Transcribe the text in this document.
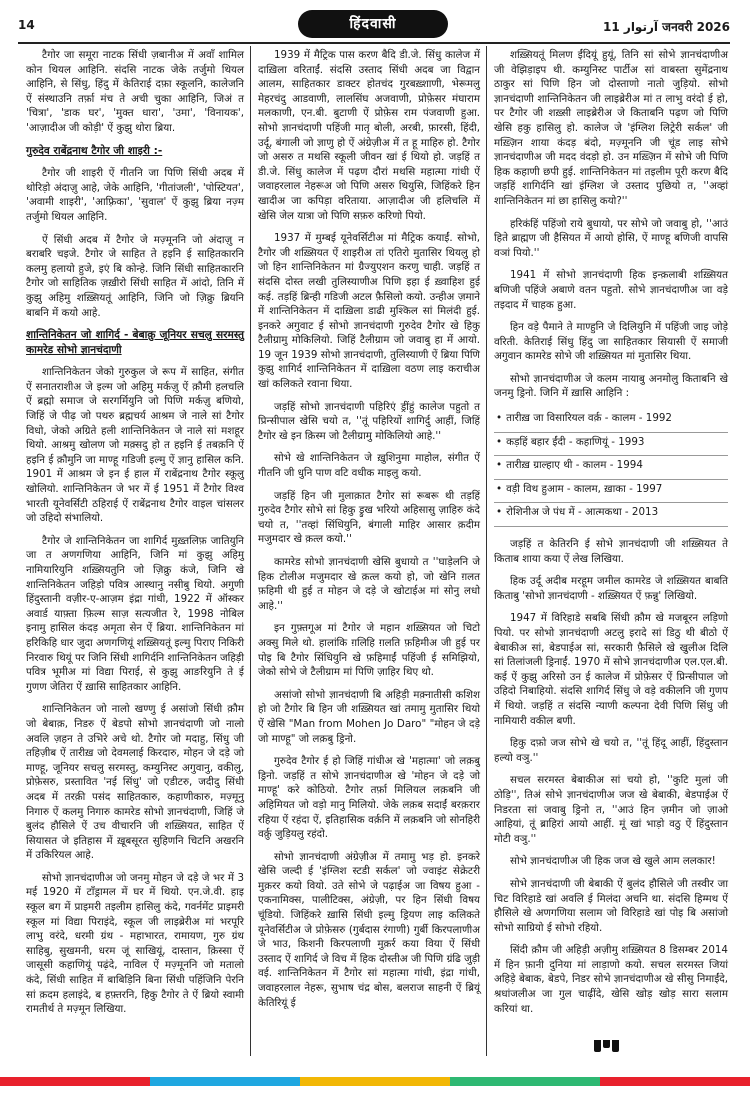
14	हिंदवासी	آرتوار 11 जनवरी 2026

टैगोर जा समूरा नाटक सिंधी ज़बानीअ में अवाँ शामिल कोन थियल आहिनि. संदसि नाटक जेके तर्जुमो थियल आहिनि, से सिंधु, हिंदु में केतिराई दफ़ा स्कूलनि, कालेजनि ऐं संस्थाउनि तर्फ़ा मंच ते अची चुका आहिनि, जिअं त 'चित्रा', 'डाक घर', 'मुक्त धारा', 'उमा', 'विनायक', 'आज़ादीअ जी कोड़ी' ऐं कुझु थोरा ब्रिया.

गुरुदेव राबेंद्रनाथ टैगोर जी शाइरी :-

टैगोर जी शाइरी ऐं गीतनि जा पिणि सिंधी अदब में थोरिड़ो अंदाज़ु आहे, जेके आहिनि, 'गीतांजली', 'पोस्टियत', 'अवामी शाइरी', 'आफ़्रिका', 'सुवाल' ऐं कुझु ब्रिया नज़्म तर्जुमो थियल आहिनि.

ऐं सिंधी अदब में टैगोर जे मज़्मूननि जो अंदाज़ु न बराबरि चइजे. टैगोर जे साहित ते हइनि ई साहितकारनि कलमु हलायो हुजे, इएं बि कोन्हे. जिनि सिंधी साहितकारनि टैगोर जो साहितिक ज़ख़ीरो सिंधी साहित में आंदो, तिनि में कुझु अहिमु शख़्सियतूं आहिनि, जिनि जो ज़िक्रु ब्रियनि बाबनि में कयो आहे.

शान्तिनिकेतन जो शागिर्द - बेबाक़ु जूनियर सचलु सरमस्तु कामरेड सोभो ज्ञानचंदाणी

शान्तिनिकेतन जेको गुरुकुल जे रूप में साहित, संगीत ऐं सनातराशीअ जे इल्म जो अहिमु मर्कज़ु ऐं क़ौमी हलचलि ऐं ब्रह्मो समाज जे सरगर्मियुनि जो पिणि मर्कज़ु बणियो, जिहिं जे पीढ़ जो पथरु ब्रह्मचर्य आश्रम जे नाले सां टैगोर विधो, जेको अग्रिते हली शान्तिनिकेतन जे नाले सां मशहूर थियो. आश्रमु खोलण जो मक़्सदु हो त हइनि ई तबक़नि ऐं हइनि ई क़ौमुनि जा माण्हू गडिजी इल्मु ऐं ज्ञानु हासिल कनि. 1901 में आश्रम जे इन ई हाल में राबेंद्रनाथ टैगोर स्कूलु खोलियो. शान्तिनिकेतन जे भर में ई 1951 में टैगोर विश्व भारती यूनेवर्सिटी ठहिराई ऐं राबेंद्रनाथ टैगोर वाइल चांसलर जो उहिदो संभालियो.

टैगोर जे शान्तिनिकेतन जा शागिर्द मुख़्तलिफ़ जातियुनि जा त अणगणिया आहिनि, जिनि मां कुझु अहिमु नामियारियुनि शख़्सियतुनि जो ज़िक्रु कंजे, जिनि खे शान्तिनिकेतन जहिड़ो पवित्र आस्थानु नसीबु थियो. अगुणी हिंदुस्तानी वज़ीर-ए-आज़म इंद्रा गांधी, 1922 में ऑस्कर अवार्ड याफ़्ता फ़िल्म साज़ सत्यजीत रे, 1998 नोबिल इनामु हासिल कंदड़ अमृता सेन ऐं ब्रिया. शान्तिनिकेतन मां हरिकिहि धार जुदा अणगणियूं शख़्सियतूं इल्मु पिराए निकिरी निरवारु थियूं पर जिनि सिंधी शागिर्दनि शान्तिनिकेतन जहिड़ी पवित्र भूमीअ मां विद्या पिराई, से कुझु आङरियुनि ते ई गुणण जेतिरा ऐं ख़ासि साहितकार आहिनि.

शान्तिनिकेतन जो नालो खण्णु ई असांजो सिंधी क़ौम जो बेबाक़, निडरु ऐं बेडपो सोभो ज्ञानचंदाणी जो नालो अवलि ज़हन ते उभिरे अचे थो. टैगोर जो मदाहु, सिंधु जी तहिज़ीब ऐं तारीख़ जो देवमलाई किरदारु, मोहन जे दड़े जो माण्हू, जूनियर सचलु सरमस्तु, कम्युनिस्ट अगुवानु, वकीलु, प्रोफ़ेसरु, प्रस्तावित 'नई सिंधु' जो एडीटरु, जदीदु सिंधी अदब में तरक़ी पसंद साहितकारु, कहाणीकारु, मज़्मूनु निगारु ऐं कलमु निगारु कामरेड सोभो ज्ञानचंदाणी, जिहिं जे बुलंद हौसिले ऐं उच वीचारनि जी शख़्सियत, साहित ऐं सियासत जे इतिहास में ख़ूबसूरत सुहिणनि चिटनि अखरनि में उकिरियल आहे.

सोभो ज्ञानचंदाणीअ जो जनमु मोहन जे दड़े जे भर में 3 मई 1920 में टॉंड्रामल में घर में थियो. एन.जे.वी. हाइ स्कूल बग में प्राइमरी तइलीम हासिलु कंदे, गवर्नमेंट प्राइमरी स्कूल मां विद्या पिराइंदे, स्कूल जी लाइब्रेरीअ मां भरपूरि लाभु वरंदे, धरमी ग्रंथ - महाभारत, रामायण, गुरु ग्रंथ साहिबु, सुखमनी, धरम जूं साखियूं, दास्तान, क़िस्सा ऐं जासूसी कहाणियूं पढ़ंदे, नाविल ऐं मज़्मूननि जो मतालो कंदे, सिंधी साहित में बाबिड़िनि बिना सिंधी पहिंजिनि पेरनि सां क़दम हलाइंदे, ब हफ़्तरनि, हिकु टैगोर ते ऐं ब्रियो स्वामी रामतीर्थ ते मज़्मून लिखिया.

1939 में मैट्रिक पास करण बैदि डी.जे. सिंधु कालेज में दाख़िला वरिताईं. संदसि उस्ताद सिंधी अदब जा विद्वान आलम, साहितकार डाक्टर होतचंद गुरबख़्शाणी, भेरूमलु मेहरचंदु आडवाणी, लालसिंघ अजवाणी, प्रोफ़ेसर मंघाराम मलकाणी, एन.बी. बुटाणी ऐं प्रोफ़ेस राम पंजवाणी हुआ. सोभो ज्ञानचंदाणी पहिंजी मातृ बोली, अरबी, फ़ारसी, हिंदी, उर्दू, बंगाली जो ज्ञाणु हो ऐं अंग्रेज़ीअ में त हू माहिरु हो. टैगोर जो असरु त मथसि स्कूली जीवन खां ई थियो हो. जड़हिं त डी.जे. सिंधु कालेज में पढ़ण दौरां मथसि महात्मा गांधी ऐं जवाहरलाल नेहरूअ जो पिणि असरु थियुसि, जिहिंकरे हिन खादीअ जा कपिड़ा वरिताया. आज़ादीअ जी हलिचलि में खेसि जेल यात्रा जो पिणि सफ़रु करिणो पियो.

1937 में मुम्बई यूनेवर्सिटीअ मां मैट्रिक कयाईं. सोभो, टैगोर जी शख़्सियत ऐं शाइरीअ तां एतिरो मुतासिर थियलु हो जो हिन शान्तिनिकेतन मां ग्रैज्युएशन करणु चाही. जड़हिं त संदसि दोस्त लखी तुलिस्याणीअ पिणि इहा ई ख़्वाहिश हुई कई. तड़हिं ब्रिन्ही गडिजी अटल फ़ैसिलो कयो. उन्हीअ ज़माने में शान्तिनिकेतन में दाख़िला डाढी मुश्किल सां मिलंदी हुई. इनकरे अगुवाट ई सोभो ज्ञानचंदाणी गुरुदेव टैगोर खे हिकु टैलीग्रामु मोकिलियो. जिहिं टैलीग्राम जो जवाबु हा में आयो. 19 जून 1939 सोभो ज्ञानचंदाणी, तुलिस्याणी ऐं ब्रिया पिणि कुझु शागिर्द शान्तिनिकेतन में दाख़िला वठण लाइ कराचीअ खां कलिकते रवाना थिया.

जड़हिं सोभो ज्ञानचंदाणी पहिरिएं ड्रींहुं कालेज पहुतो त प्रिन्सीपाल खेसि चयो त, ''तूं पहिरियों शागिर्दु आहीं, जिहिं टैगोर खे इन क़िस्म जो टैलीग्रामु मोकिलियो आहे.''

सोभे खे शान्तिनिकेतन जे ख़ुशिनुमा माहोल, संगीत ऐं गीतनि जी धुनि पाण वटि वधीक माइलु कयो.

जड़हिं हिन जी मुलाक़ात टैगोर सां रूबरू थी तड़हिं गुरुदेव टैगोर सोभे सां हिकु ड्रुख भरियो अहिसासु ज़ाहिरु कंदे चयो त, ''तव्हां सिंधियुनि, बंगाली माहिर आसार क़दीम मजुमदार खे क़त्ल कयो.''

कामरेड सोभो ज्ञानचंदाणी खेसि बुधायो त ''घाड़ेलनि जे हिक टोलीअ मजुमदार खे क़त्ल कयो हो, जो खेनि ग़लत फ़हिमी थी हुई त मोहन जे दड़े जे खोटाईअ मां सोनु लधो आहे.''

इन गुफ़्तगूअ मां टैगोर जे महान शख़्सियत जो चिटो अक्सु मिले थो. हालांकि ग़लिहि ग़लति फ़हिमीअ जी हुई पर पोइ बि टैगोर सिंधियुनि खे फ़हिमाईं पहिंजी ई समिझियो, जेको सोभे जे टैलीग्राम मां पिणि ज़ाहिर थिए थो.

असांजो सोभो ज्ञानचंदाणी बि अहिड़ी मक़्नातीसी कशिश हो जो टैगोर बि हिन जी शख़्सियत खां तमामु मुतासिर थियो ऐं खेसि "Man from Mohen Jo Daro" "मोहन जे दड़े जो माण्हू" जो लक़बु ड्रिनो.

गुरुदेव टैगोर ई हो जिहिं गांधीअ खे 'महात्मा' जो लक़बु ड्रिनो. जड़हिं त सोभे ज्ञानचंदाणीअ खे 'मोहन जे दड़े जो माण्हू' करे कोठियो. टैगोर तर्फ़ा मिलियल लक़बनि जी अहिमियत जो वड़ो मानु मिलियो. जेके लक़ब सदाईं बरक़रार रहिया ऐं रहंदा ऐं, इतिहासिक वर्क़नि में लक़बनि जो सोनहिरी वर्क़ु जुड़ियलु रहंदो.

सोभो ज्ञानचंदाणी अंग्रेज़ीअ में तमामु भड़ हो. इनकरे खेसि जल्दी ई 'इंग्लिश स्टडी सर्कल' जो ज्वाइंट सेक्रेटरी मुक़रर कयो वियो. उते सोभे जे पढ़ाईअ जा विषय हुआ - एकनामिक्स, पालीटिक्स, अंग्रेज़ी, पर हिन सिंधी विषय चूंडियो. जिहिंकरे ख़ासि सिंधी इल्मु ड्रियण लाइ कलिकते यूनेवर्सिटीअ जे प्रोफ़ेसरु (गुर्बदास रंगाणी) गुर्बी किरपलाणीअ जे भाउ, किशनी किरपलाणी मुक़र्र कया विया ऐं सिंधी उस्ताद ऐं शागिर्द जे विच में हिक दोस्तीअ जी पिणि ग्रंढि जुड़ी वई. शान्तिनिकेतन में टैगोर सां महात्मा गांधी, इंद्रा गांधी, जवाहरलाल नेहरू, सुभाष चंद्र बोस, बलराज साहनी ऐं ब्रियूं केतिरियूं ई

शख़्सियतूं मिलण ईंदियूं हुयूं, तिनि सां सोभे ज्ञानचंदाणीअ जी वेझिड़ाइप थी. कम्युनिस्ट पार्टीअ सां वाबस्ता सुमेंद्रनाथ ठाकुर सां पिणि हिन जो दोस्ताणो नातो जुड़ियो. सोभो ज्ञानचंदाणी शान्तिनिकेतन जी लाइब्रेरीअ मां त लाभु वरंदो ई हो, पर टैगोर जी शख़्सी लाइब्रेरीअ जे किताबनि पढ़ण जो पिणि खेसि हकु हासिलु हो. कालेज जे 'इंग्लिश लिट्रेरी सर्कल' जी मख़्ज़िन शाया कंदड़ बंदो, मज़्मूननि जी चूंड लाइ सोभे ज्ञानचंदाणीअ जी मदद वंदड़ो हो. उन मख़्ज़िन में सोभे जी पिणि हिक कहाणी छपी हुई. शान्तिनिकेतन मां तइलीम पूरी करण बैदि जड़हिं शागिर्दनि खां इंग्लिश जे उस्ताद पुछियो त, ''अव्हां शान्तिनिकेतन मां छा हासिलु कयो?''

हरिकंहिं पहिंजो राये बुधायो, पर सोभे जो जवाबु हो, ''आउं हिते ब्राह्मण जी हैसियत में आयो होसि, ऐं माण्हू बणिजी वापसि वञां पियो.''

1941 में सोभो ज्ञानचंदाणी हिक इन्क़लाबी शख़्सियत बणिजी पहिंजे अबाणे वतन पहुतो. सोभे ज्ञानचंदाणीअ जा वड़े तइदाद में चाहक हुआ.

हिन वड़े पैमाने ते माण्हुनि जे दिलियुनि में पहिंजी जाइ जोड़े वरिती. केतिराई सिंधु हिंदु जा साहितकार सियासी ऐं समाजी अगुवान कामरेड सोभे जी शख़्सियत मां मुतासिर थिया.

सोभो ज्ञानचंदाणीअ जे कलम नायाबु अनमोलु किताबनि खे जनमु ड्रिनो. जिनि में ख़ासि आहिनि :

• तारीख़ जा विसारियल वर्क़ - कालम - 1992
• कड़हिं बहार ईंदी - कहाणियूं - 1993
• तारीख़ ग्राल्हाए थी - कालम - 1994
• वड़ी विथ हुआम - कालम, ख़ाका - 1997
• रोशिनीअ जे पंध में - आत्मकथा - 2013

जड़हिं त केतिरनि ई सोभे ज्ञानचंदाणी जी शख़्सियत ते किताब शाया कया ऐं लेख लिखिया.

हिक उर्दू अदीब मरहूम जमील कामरेड जे शख़्सियत बाबति किताबु 'सोभो ज्ञानचंदाणी - शख़्सियत ऐं फ़न्नु' लिखियो.

1947 में विरिहाडे सबबि सिंधी क़ौम खे मजबूरन लड़िणो पियो. पर सोभो ज्ञानचंदाणी अटलु इरादे सां डिठु थी बीठो ऐं बेबाकीअ सां, बेडपाईअ सां, सरकारी फ़ैसिले खे खुलीअ दिलि सां तिलांजली ड्रिनाईं. 1970 में सोभे ज्ञानचंदाणीअ एल.एल.बी. कई ऐं कुझु अरिसो उन ई कालेज में प्रोफ़ेसर ऐं प्रिन्सीपाल जो उहिदो निबाहियो. संदसि शागिर्द सिंधु जे वड़े वकीलनि जी गुणप में थियो. जड़हिं त संदसि न्याणी कल्पना देवी पिणि सिंधु जी नामियारी वकील बणी.

हिकु दफ़ो जज सोभे खे चयो त, ''तूं हिंदू आहीं, हिंदुस्तान हल्यो वञु.''

सचल सरमस्त बेबाकीअ सां चयो हो, ''कुटि मुलां जी ठोड़ि'', तिअं सोभे ज्ञानचंदाणीअ जज खे बेबाकी, बेडपाईअ ऐं निडरता सां जवाबु ड्रिनो त, ''आउं हिन ज़मीन जो ज़ाओ आहियां, तूं ब्राहिरां आयो आहीं. मूं खां भाड़ो वठु ऐं हिंदुस्तान मोटी वञु.''

सोभे ज्ञानचंदाणीअ जी हिक जज खे खुले आम ललकार!

सोभे ज्ञानचंदाणी जी बेबाकी ऐं बुलंद हौसिले जी तस्वीर जा चिट विरिहाडे खां अवलि ई मिलंदा अचनि था. संदसि हिम्मथ ऐं हौसिले खे अणगणिया सलाम जो विरिहाडे खां पोइ बि असांजो सोभो साग्रियो ई सोभो रहियो.

सिंदी क़ौम जी अहिड़ी अज़ीमु शख़्सियत 8 डिसम्बर 2014 में हिन फ़ानी दुनिया मां लाड़ाणो कयो. सचल सरमस्त जियां अहिड़े बेबाक, बेडपे, निडर सोभे ज्ञानचंदाणीअ खे सीसु निमाईंदे, श्रधांजलीअ जा गुल चाढ़ींदे, खेसि खोड़ खोड़ सारा सलाम करियां था.
